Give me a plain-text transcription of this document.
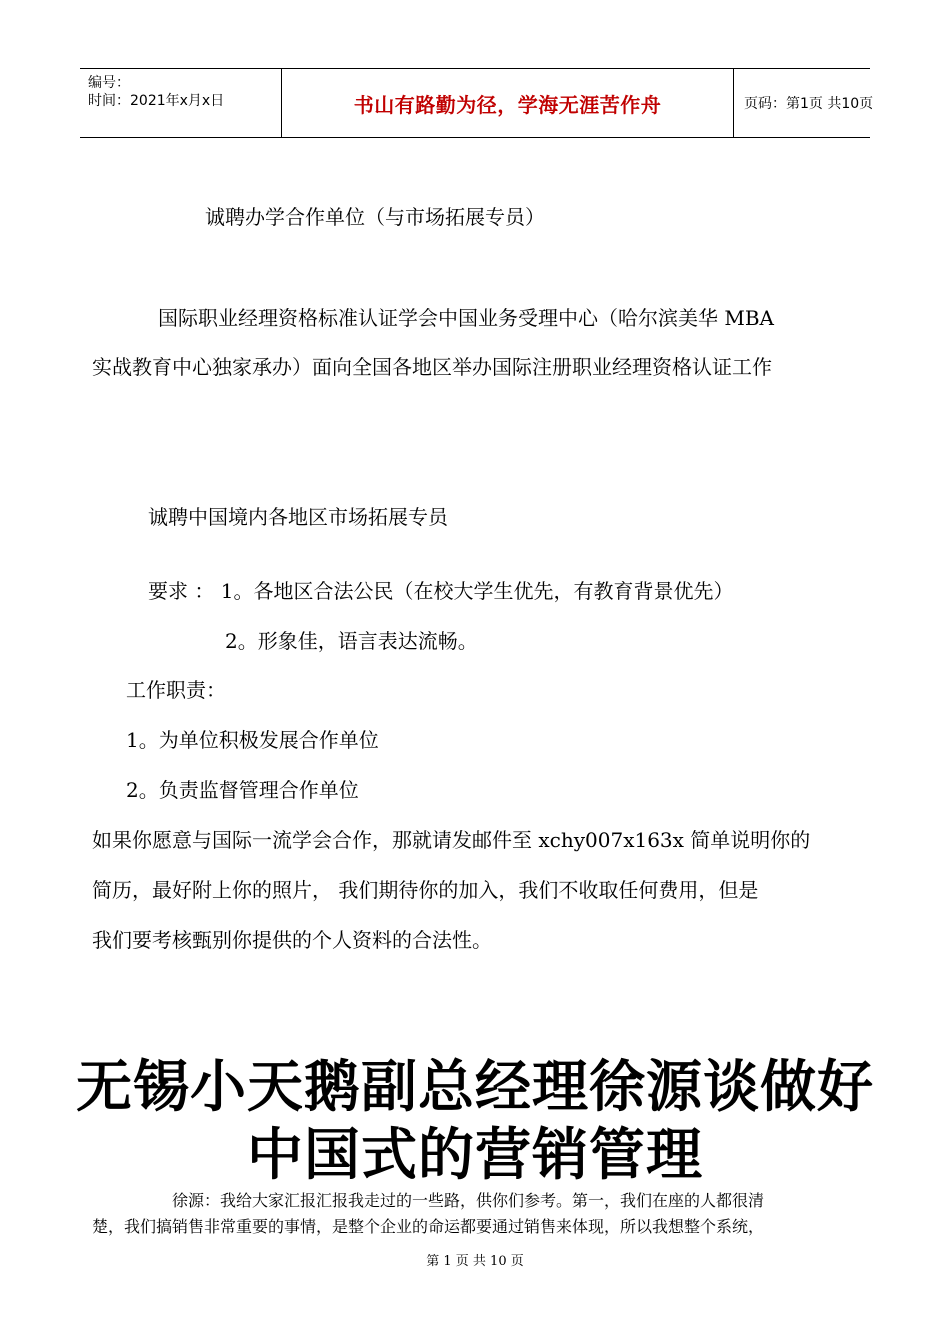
编号：
时间：2021年x月x日	书山有路勤为径，学海无涯苦作舟	页码：第1页 共10页
诚聘办学合作单位（与市场拓展专员）
国际职业经理资格标准认证学会中国业务受理中心（哈尔滨美华 MBA
实战教育中心独家承办）面向全国各地区举办国际注册职业经理资格认证工作
诚聘中国境内各地区市场拓展专员
要求 ： 1。各地区合法公民（在校大学生优先，有教育背景优先）
2。形象佳，语言表达流畅。
工作职责：
1。为单位积极发展合作单位
2。负责监督管理合作单位
如果你愿意与国际一流学会合作，那就请发邮件至 xchy007x163x 简单说明你的
简历，最好附上你的照片， 我们期待你的加入，我们不收取任何费用，但是
我们要考核甄别你提供的个人资料的合法性。
无锡小天鹅副总经理徐源谈做好
中国式的营销管理
徐源：我给大家汇报汇报我走过的一些路，供你们参考。第一，我们在座的人都很清
楚，我们搞销售非常重要的事情，是整个企业的命运都要通过销售来体现，所以我想整个系统，
第 1 页 共 10 页
